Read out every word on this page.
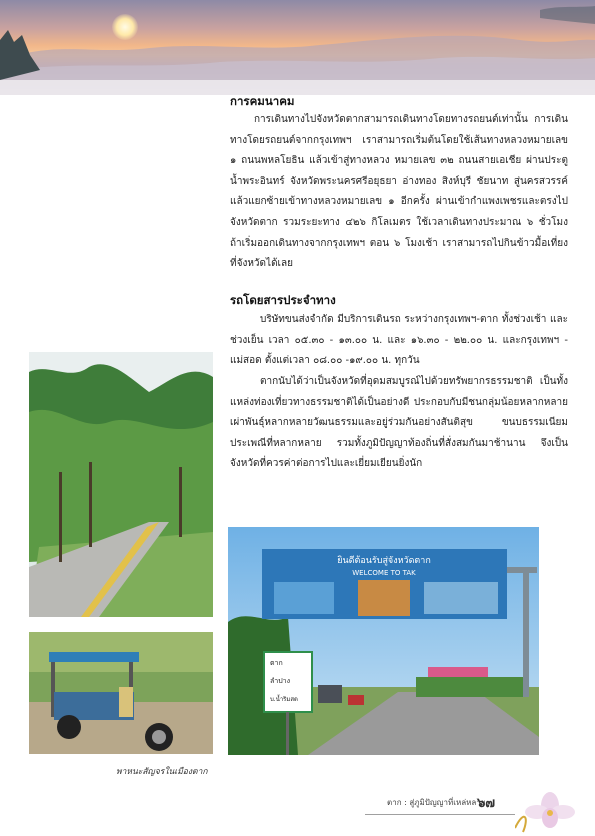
การคมนาคม

การเดินทางไปจังหวัดตากสามารถเดินทางโดยทางรถยนต์เท่านั้น การเดินทางโดยรถยนต์จากกรุงเทพฯ เราสามารถเริ่มต้นโดยใช้เส้นทางหลวงหมายเลข ๑ ถนนพหลโยธิน แล้วเข้าสู่ทางหลวง หมายเลข ๓๒ ถนนสายเอเชีย ผ่านประตูน้ำพระอินทร์ จังหวัดพระนครศรีอยุธยา อ่างทอง สิงห์บุรี ชัยนาท สู่นครสวรรค์ แล้วแยกซ้ายเข้าทางหลวงหมายเลข ๑ อีกครั้ง ผ่านเข้ากำแพงเพชรและตรงไปจังหวัดตาก รวมระยะทาง ๔๒๖ กิโลเมตร ใช้เวลาเดินทางประมาณ ๖ ชั่วโมง ถ้าเริ่มออกเดินทางจากกรุงเทพฯ ตอน ๖ โมงเช้า เราสามารถไปกินข้าวมื้อเที่ยงที่จังหวัดได้เลย

รถโดยสารประจำทาง

บริษัทขนส่งจำกัด มีบริการเดินรถ ระหว่างกรุงเทพฯ-ตาก ทั้งช่วงเช้า และช่วงเย็น เวลา ๐๕.๓๐ - ๑๓.๐๐ น. และ ๑๖.๓๐ - ๒๒.๐๐ น. และกรุงเทพฯ - แม่สอด ตั้งแต่เวลา ๐๘.๐๐ -๑๙.๐๐ น. ทุกวัน

ตากนับได้ว่าเป็นจังหวัดที่อุดมสมบูรณ์ไปด้วยทรัพยากรธรรมชาติ เป็นทั้งแหล่งท่องเที่ยวทางธรรมชาติได้เป็นอย่างดี ประกอบกับมีชนกลุ่มน้อยหลากหลายเผ่าพันธุ์หลากหลายวัฒนธรรมและอยู่ร่วมกันอย่างสันติสุข ขนบธรรมเนียมประเพณีที่หลากหลาย รวมทั้งภูมิปัญญาท้องถิ่นที่สั่งสมกันมาช้านาน จึงเป็นจังหวัดที่ควรค่าต่อการไปและเยี่ยมเยียนยิ่งนัก

พาหนะสัญจรในเมืองตาก
ยินดีต้อนรับสู่จังหวัดตาก
WELCOME TO TAK
ตาก
ลำปาง
บ.น้ำริมสด
ตาก : สู่ภูมิปัญญาที่เหล่หลาย
๖๗
